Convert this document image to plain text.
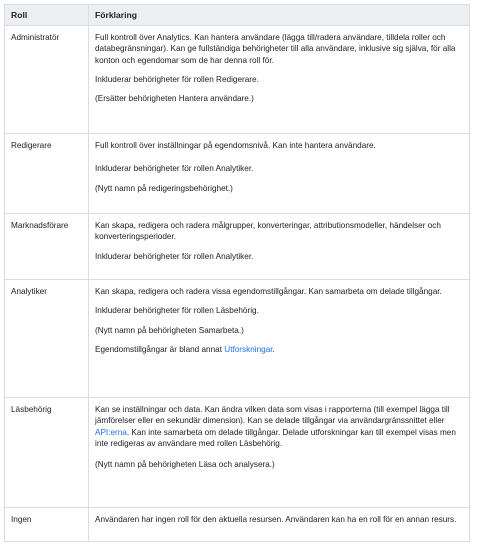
Roll	Förklaring
Administratör	Full kontroll över Analytics. Kan hantera användare (lägga till/radera användare, tilldela roller och databegränsningar). Kan ge fullständiga behörigheter till alla användare, inklusive sig själva, för alla konton och egendomar som de har denna roll för.

Inkluderar behörigheter för rollen Redigerare.

(Ersätter behörigheten Hantera användare.)

Redigerare	Full kontroll över inställningar på egendomsnivå. Kan inte hantera användare.

Inkluderar behörigheter för rollen Analytiker.

(Nytt namn på redigeringsbehörighet.)

Marknadsförare	Kan skapa, redigera och radera målgrupper, konverteringar, attributionsmodeller, händelser och konverteringsperioder.

Inkluderar behörigheter för rollen Analytiker.

Analytiker	Kan skapa, redigera och radera vissa egendomstillgångar. Kan samarbeta om delade tillgångar.

Inkluderar behörigheter för rollen Läsbehörig.

(Nytt namn på behörigheten Samarbeta.)

Egendomstillgångar är bland annat Utforskningar.

Läsbehörig	Kan se inställningar och data. Kan ändra vilken data som visas i rapporterna (till exempel lägga till jämförelser eller en sekundär dimension). Kan se delade tillgångar via användargränssnittet eller API:erna. Kan inte samarbeta om delade tillgångar. Delade utforskningar kan till exempel visas men inte redigeras av användare med rollen Läsbehörig.

(Nytt namn på behörigheten Läsa och analysera.)

Ingen	Användaren har ingen roll för den aktuella resursen. Användaren kan ha en roll för en annan resurs.
